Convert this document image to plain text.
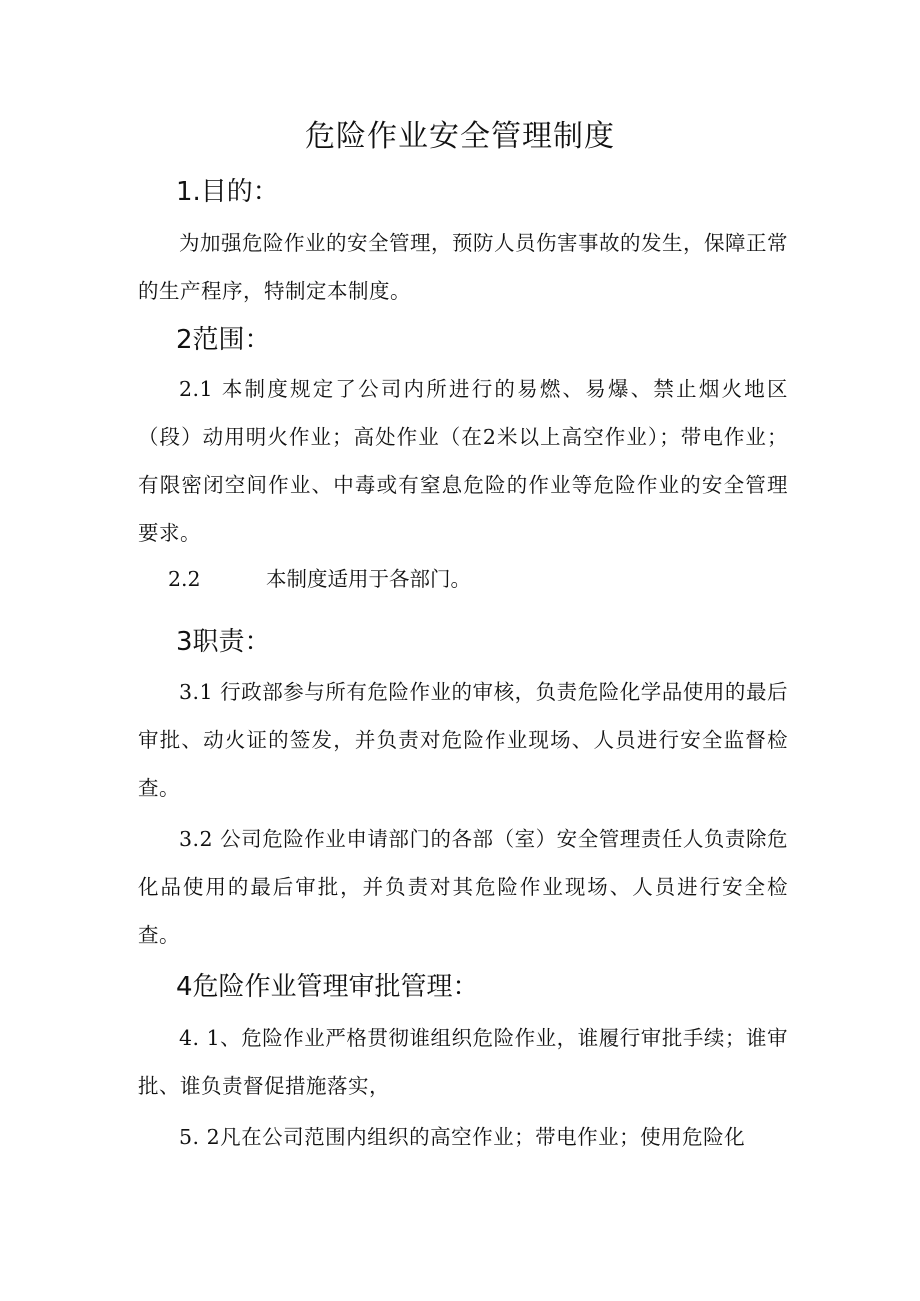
危险作业安全管理制度
1.目的：
为加强危险作业的安全管理，预防人员伤害事故的发生，保障正常的生产程序，特制定本制度。
2范围：
2.1 本制度规定了公司内所进行的易燃、易爆、禁止烟火地区（段）动用明火作业；高处作业（在2米以上高空作业）；带电作业；有限密闭空间作业、中毒或有窒息危险的作业等危险作业的安全管理要求。
2.2	本制度适用于各部门。
3职责：
3.1 行政部参与所有危险作业的审核，负责危险化学品使用的最后审批、动火证的签发，并负责对危险作业现场、人员进行安全监督检查。
3.2 公司危险作业申请部门的各部（室）安全管理责任人负责除危化品使用的最后审批，并负责对其危险作业现场、人员进行安全检查。
4危险作业管理审批管理：
4. 1、危险作业严格贯彻谁组织危险作业，谁履行审批手续；谁审批、谁负责督促措施落实，
5. 2凡在公司范围内组织的高空作业；带电作业；使用危险化
